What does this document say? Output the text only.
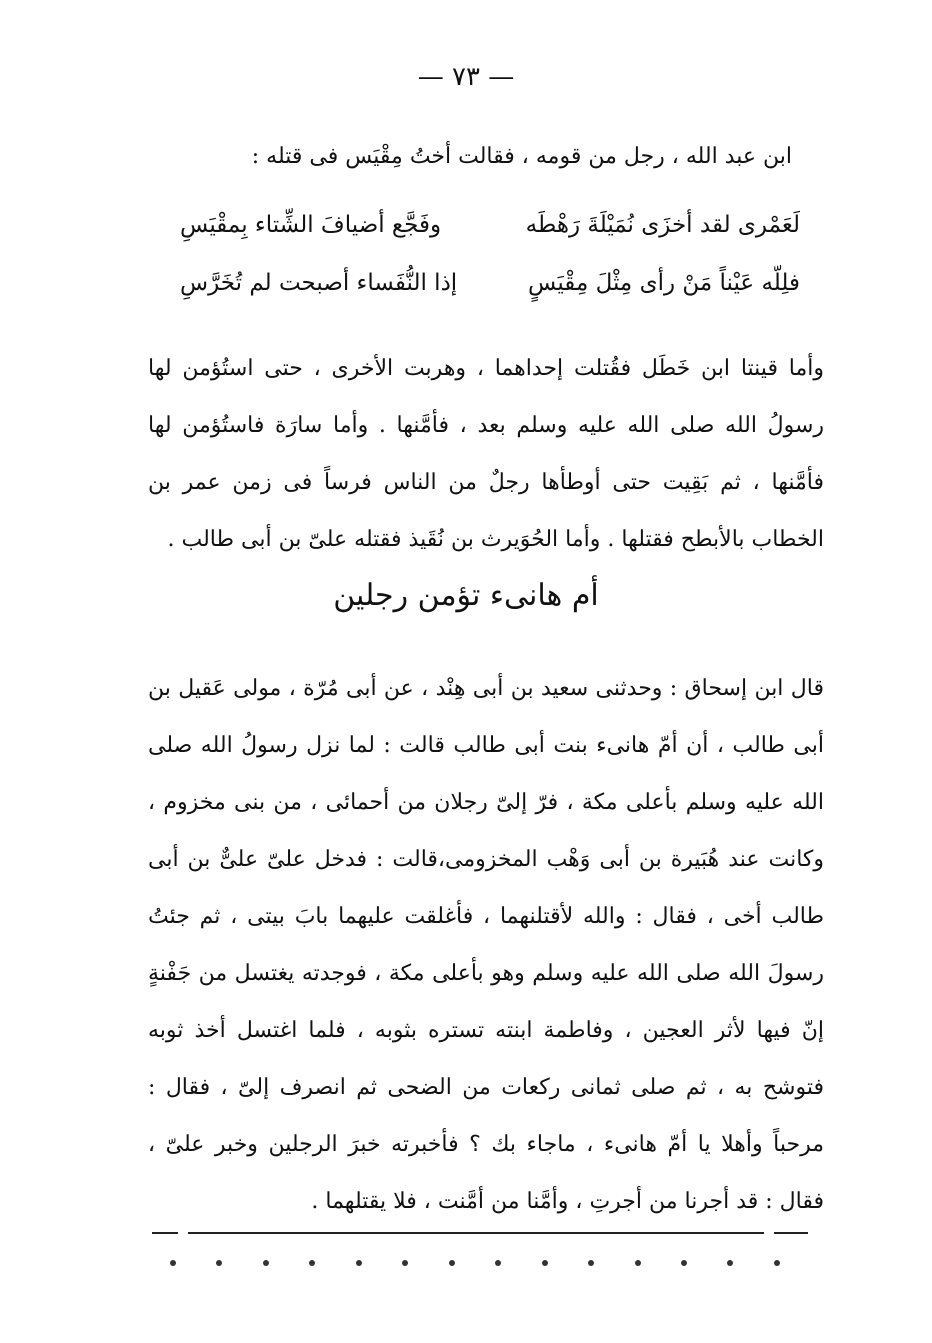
— ٧٣ —
ابن عبد الله ، رجل من قومه ، فقالت أختُ مِقْيَس فى قتله :
لَعَمْرى لقد أخزَى نُمَيْلَةَ رَهْطَه
وفَجَّع أضيافَ الشِّتاء بِمقْيَسِ
فلِلّه عَيْناً مَنْ رأى مِثْلَ مِقْيَسٍ
إذا النُّفَساء أصبحت لم تُخَرَّسِ
وأما قينتا ابن خَطَل فقُتلت إحداهما ، وهربت الأخرى ، حتى استُؤمن لها رسولُ الله صلى الله عليه وسلم بعد ، فأمَّنها . وأما سارَة فاستُؤمن لها فأمَّنها ، ثم بَقِيت حتى أوطأها رجلٌ من الناس فرساً فى زمن عمر بن الخطاب بالأبطح فقتلها . وأما الحُوَيرث بن نُقَيذ فقتله علىّ بن أبى طالب .
أم هانىء تؤمن رجلين
قال ابن إسحاق : وحدثنى سعيد بن أبى هِنْد ، عن أبى مُرّة ، مولى عَقيل بن أبى طالب ، أن أمّ هانىء بنت أبى طالب قالت : لما نزل رسولُ الله صلى الله عليه وسلم بأعلى مكة ، فرّ إلىّ رجلان من أحمائى ، من بنى مخزوم ، وكانت عند هُبَيرة بن أبى وَهْب المخزومى،قالت : فدخل علىّ علىٌّ بن أبى طالب أخى ، فقال : والله لأقتلنهما ، فأغلقت عليهما بابَ بيتى ، ثم جئتُ رسولَ الله صلى الله عليه وسلم وهو بأعلى مكة ، فوجدته يغتسل من جَفْنةٍ إنّ فيها لأثر العجين ، وفاطمة ابنته تستره بثوبه ، فلما اغتسل أخذ ثوبه فتوشح به ، ثم صلى ثمانى ركعات من الضحى ثم انصرف إلىّ ، فقال : مرحباً وأهلا يا أمّ هانىء ، ماجاء بك ؟ فأخبرته خبرَ الرجلين وخبر علىّ ، فقال : قد أجرنا من أجرتِ ، وأمَّنا من أمَّنت ، فلا يقتلهما .
